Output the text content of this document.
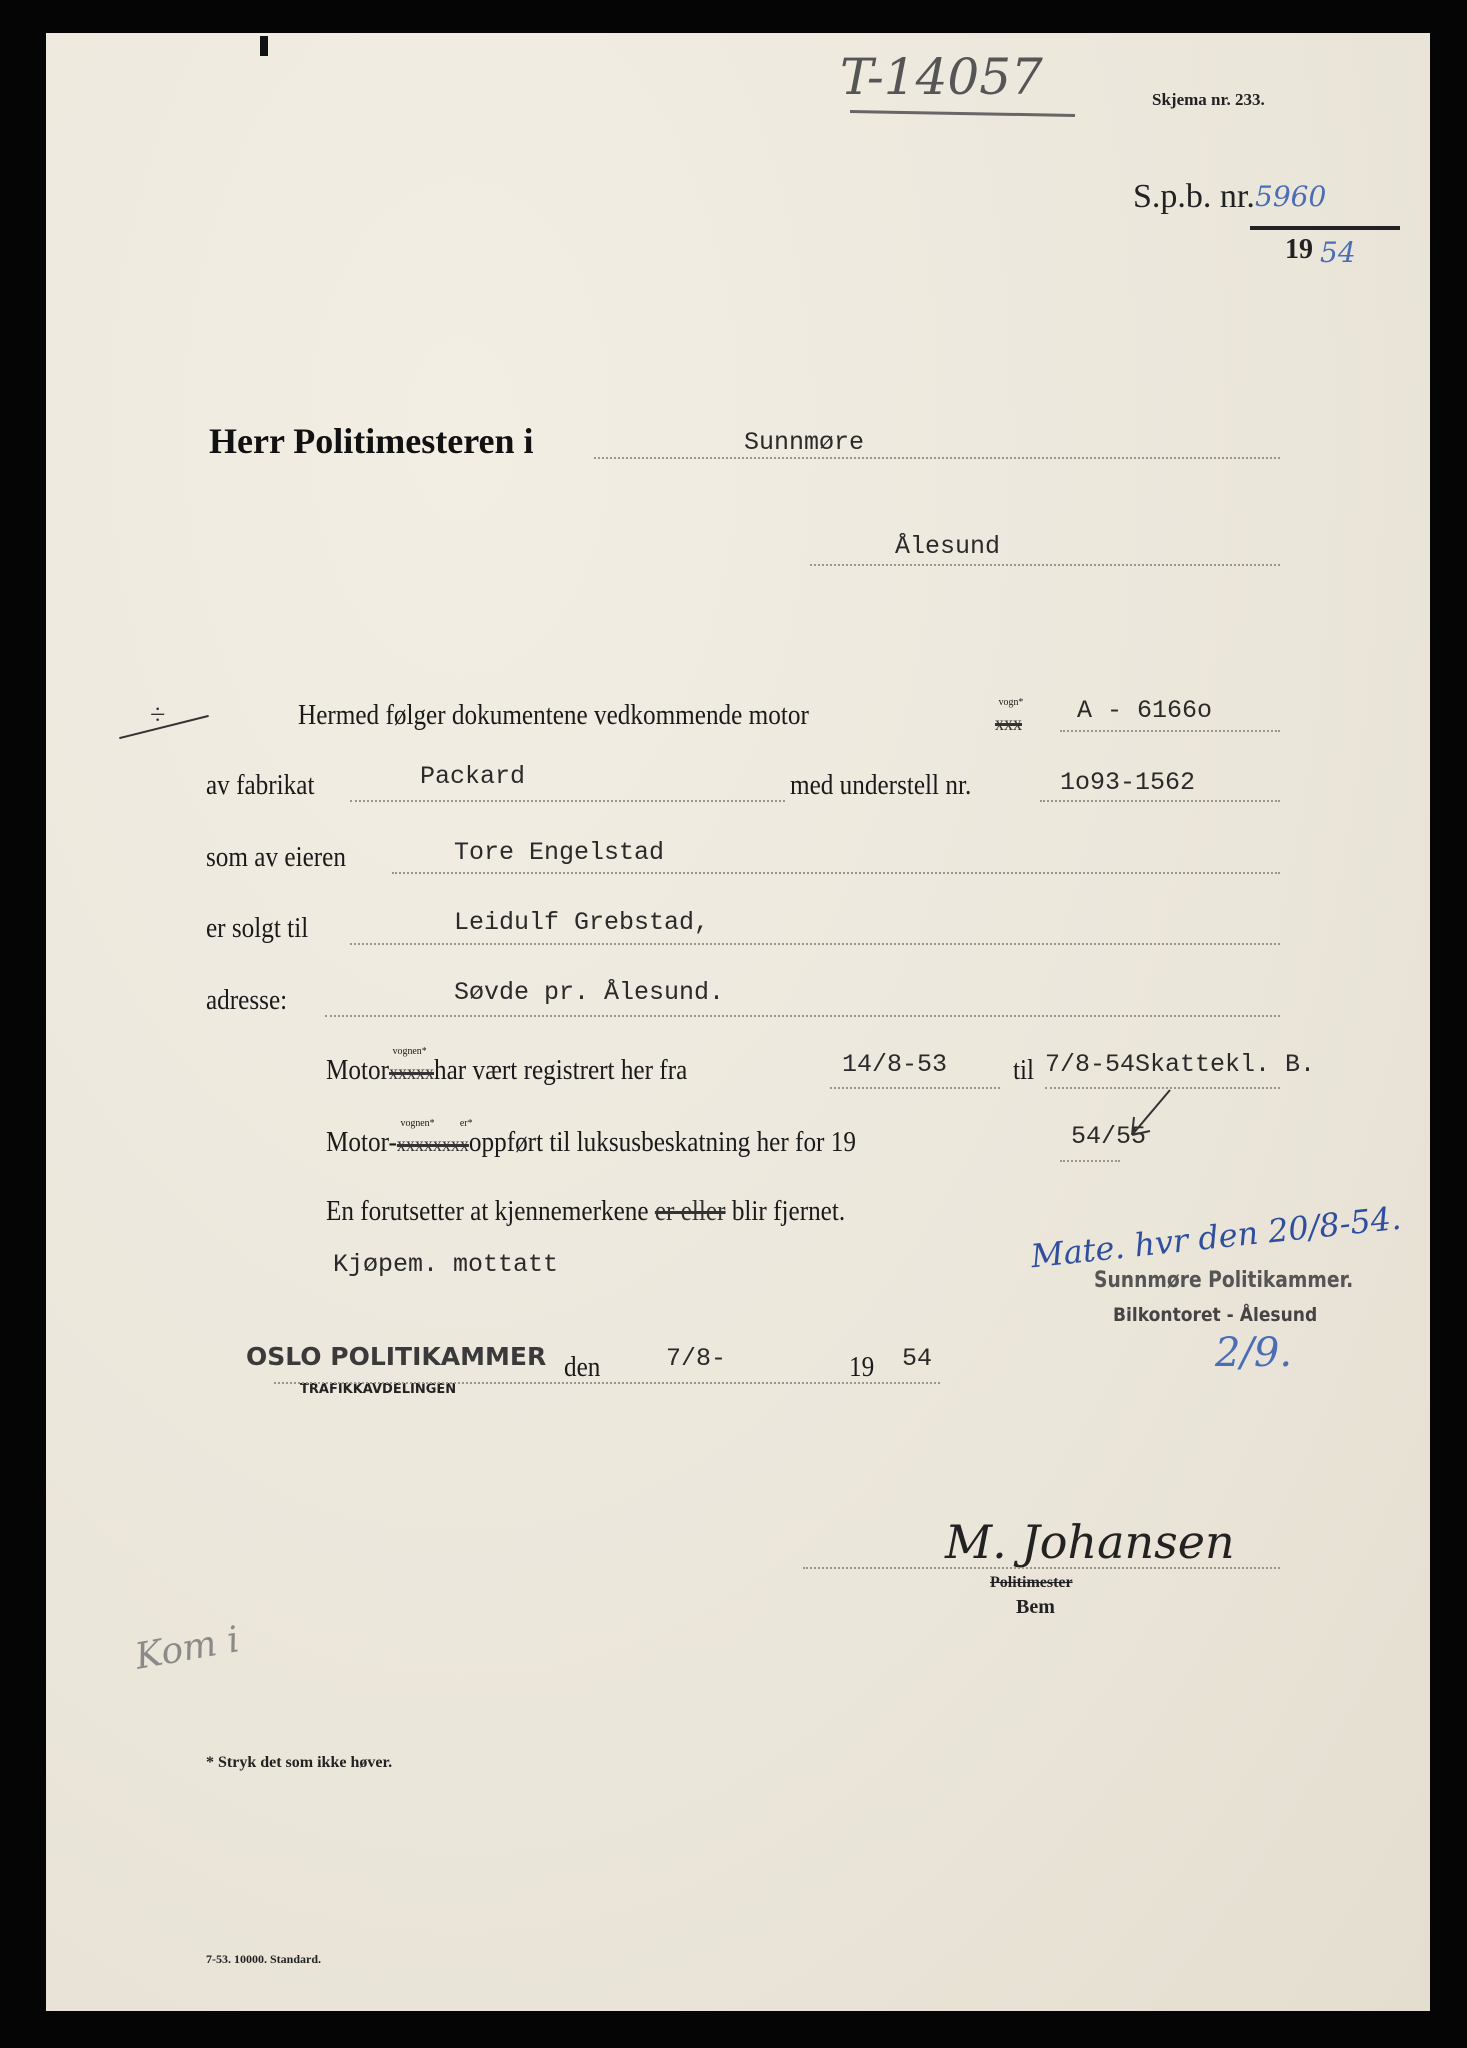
T-14057	Skjema nr. 233.
S.p.b. nr. 5960
19 54
Herr Politimesteren i	Sunnmøre
Ålesund
÷	Hermed følger dokumentene vedkommende motor	vogn*
xxx A - 6166o
av fabrikat	Packard	med understell nr.	1o93-1562
som av eieren	Tore Engelstad
er solgt til	Leidulf Grebstad,
adresse:	Søvde pr. Ålesund.
Motor
vognen*
xxxxxhar vært registrert her fra	14/8-53 til 7/8-54Skattekl. B.
Motor-
vognen* er*
xxxxxxxxoppført til luksusbeskatning her for 19	54/55
En forutsetter at kjennemerkene er eller blir fjernet.
Kjøpem. mottatt	Mate. hvr den 20/8-54.
Sunnmøre Politikammer.
Bilkontoret - Ålesund
2/9.
OSLO POLITIKAMMER
TRAFIKKAVDELINGEN
den	7/8-	19 54
M. Johansen
Politimester
Bem
Kom i
* Stryk det som ikke høver.
7-53. 10000. Standard.
